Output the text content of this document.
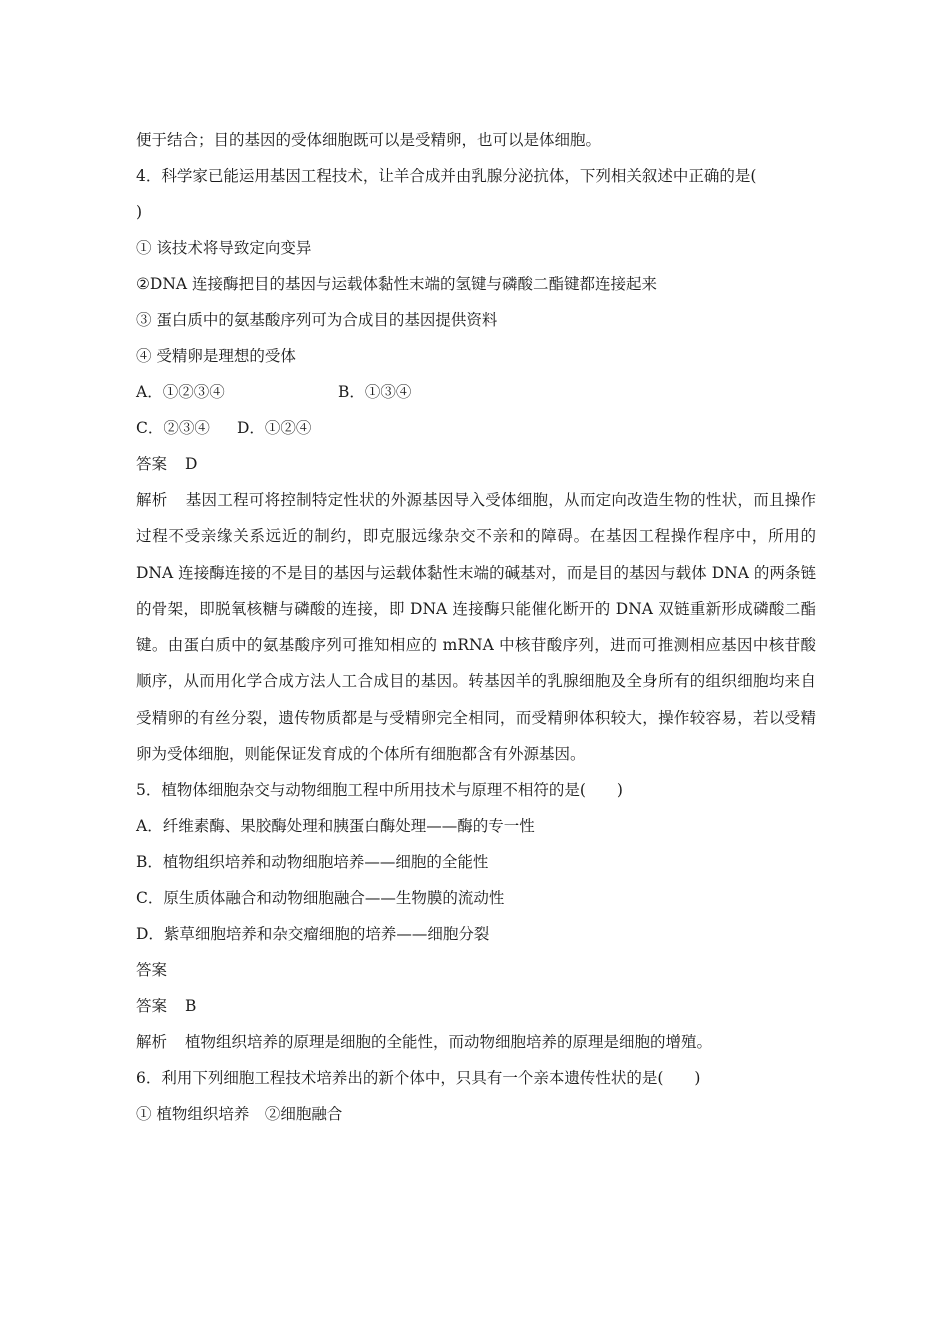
便于结合；目的基因的受体细胞既可以是受精卵，也可以是体细胞。
4．科学家已能运用基因工程技术，让羊合成并由乳腺分泌抗体，下列相关叙述中正确的是(
)
① 该技术将导致定向变异
②DNA 连接酶把目的基因与运载体黏性末端的氢键与磷酸二酯键都连接起来
③ 蛋白质中的氨基酸序列可为合成目的基因提供资料
④ 受精卵是理想的受体
A．①②③④	B．①③④
C．②③④	D．①②④
答案 D
解析 基因工程可将控制特定性状的外源基因导入受体细胞，从而定向改造生物的性状，而且操作过程不受亲缘关系远近的制约，即克服远缘杂交不亲和的障碍。在基因工程操作程序中，所用的 DNA 连接酶连接的不是目的基因与运载体黏性末端的碱基对，而是目的基因与载体 DNA 的两条链的骨架，即脱氧核糖与磷酸的连接，即 DNA 连接酶只能催化断开的 DNA 双链重新形成磷酸二酯键。由蛋白质中的氨基酸序列可推知相应的 mRNA 中核苷酸序列，进而可推测相应基因中核苷酸顺序，从而用化学合成方法人工合成目的基因。转基因羊的乳腺细胞及全身所有的组织细胞均来自受精卵的有丝分裂，遗传物质都是与受精卵完全相同，而受精卵体积较大，操作较容易，若以受精卵为受体细胞，则能保证发育成的个体所有细胞都含有外源基因。
5．植物体细胞杂交与动物细胞工程中所用技术与原理不相符的是(　　)
A．纤维素酶、果胶酶处理和胰蛋白酶处理——酶的专一性
B．植物组织培养和动物细胞培养——细胞的全能性
C．原生质体融合和动物细胞融合——生物膜的流动性
D．紫草细胞培养和杂交瘤细胞的培养——细胞分裂
答案
答案 B
解析 植物组织培养的原理是细胞的全能性，而动物细胞培养的原理是细胞的增殖。
6．利用下列细胞工程技术培养出的新个体中，只具有一个亲本遗传性状的是(　　)
① 植物组织培养　②细胞融合
